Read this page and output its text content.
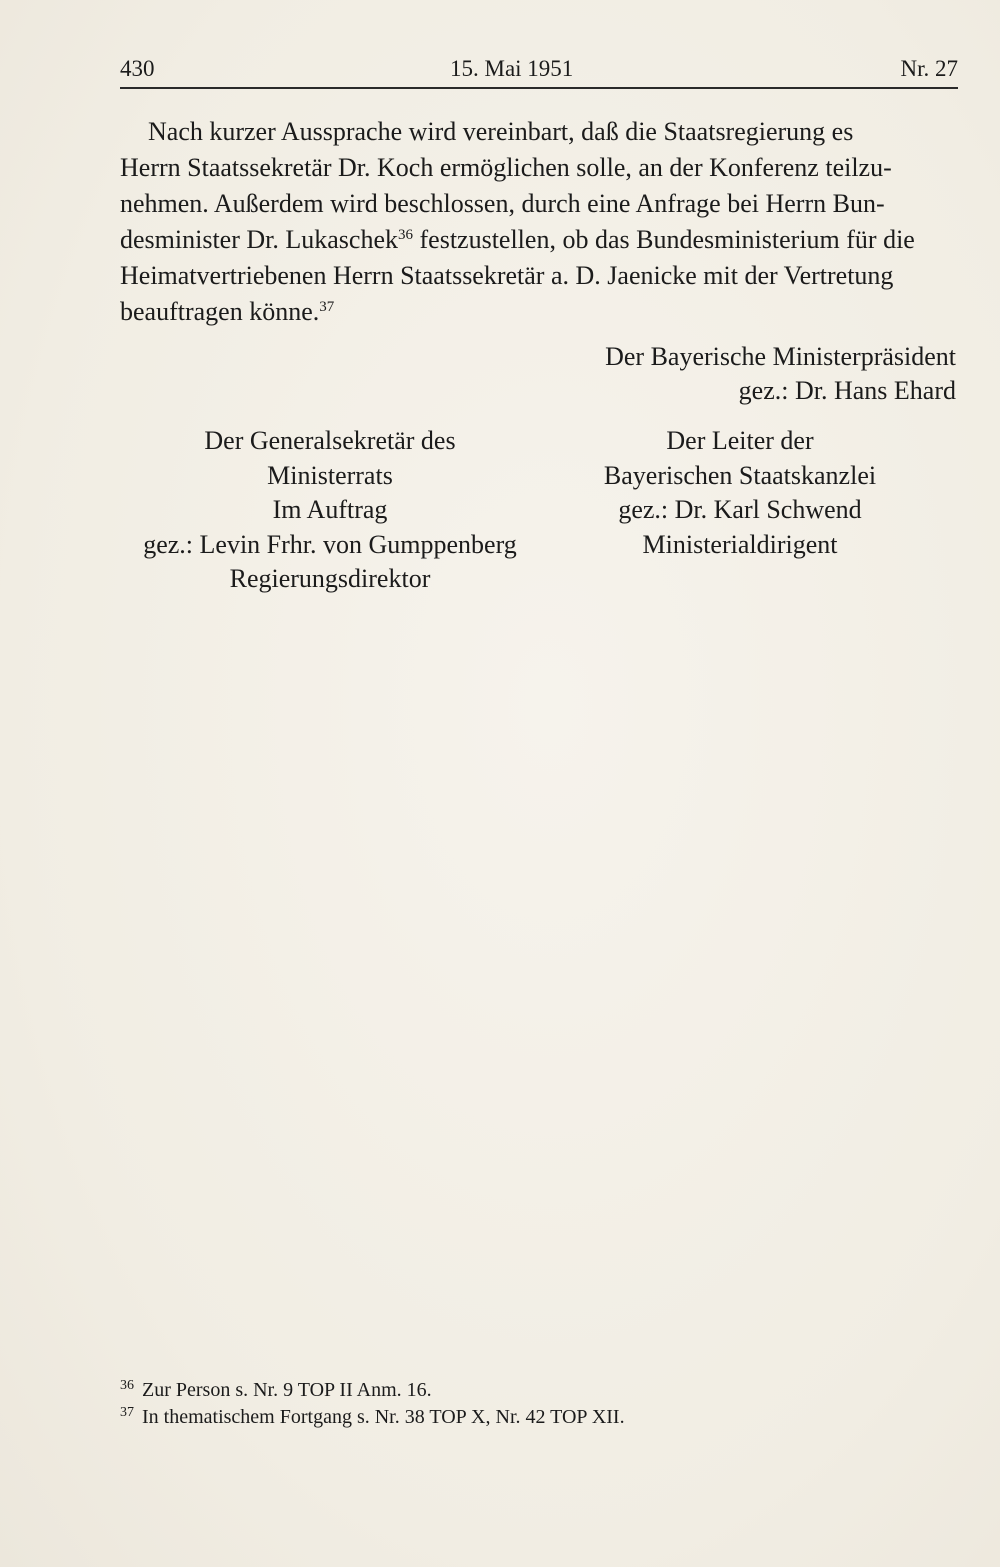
430	15. Mai 1951	Nr. 27
Nach kurzer Aussprache wird vereinbart, daß die Staatsregierung es
Herrn Staatssekretär Dr. Koch ermöglichen solle, an der Konferenz teilzu-
nehmen. Außerdem wird beschlossen, durch eine Anfrage bei Herrn Bun-
desminister Dr. Lukaschek$^{36}$ festzustellen, ob das Bundesministerium für die
Heimatvertriebenen Herrn Staatssekretär a. D. Jaenicke mit der Vertretung
beauftragen könne.$^{37}$
Der Bayerische Ministerpräsident
gez.: Dr. Hans Ehard
Der Generalsekretär des
Ministerrats
Im Auftrag
gez.: Levin Frhr. von Gumppenberg
Regierungsdirektor
Der Leiter der
Bayerischen Staatskanzlei
gez.: Dr. Karl Schwend
Ministerialdirigent
$^{36}$ Zur Person s. Nr. 9 TOP II Anm. 16.
$^{37}$ In thematischem Fortgang s. Nr. 38 TOP X, Nr. 42 TOP XII.
